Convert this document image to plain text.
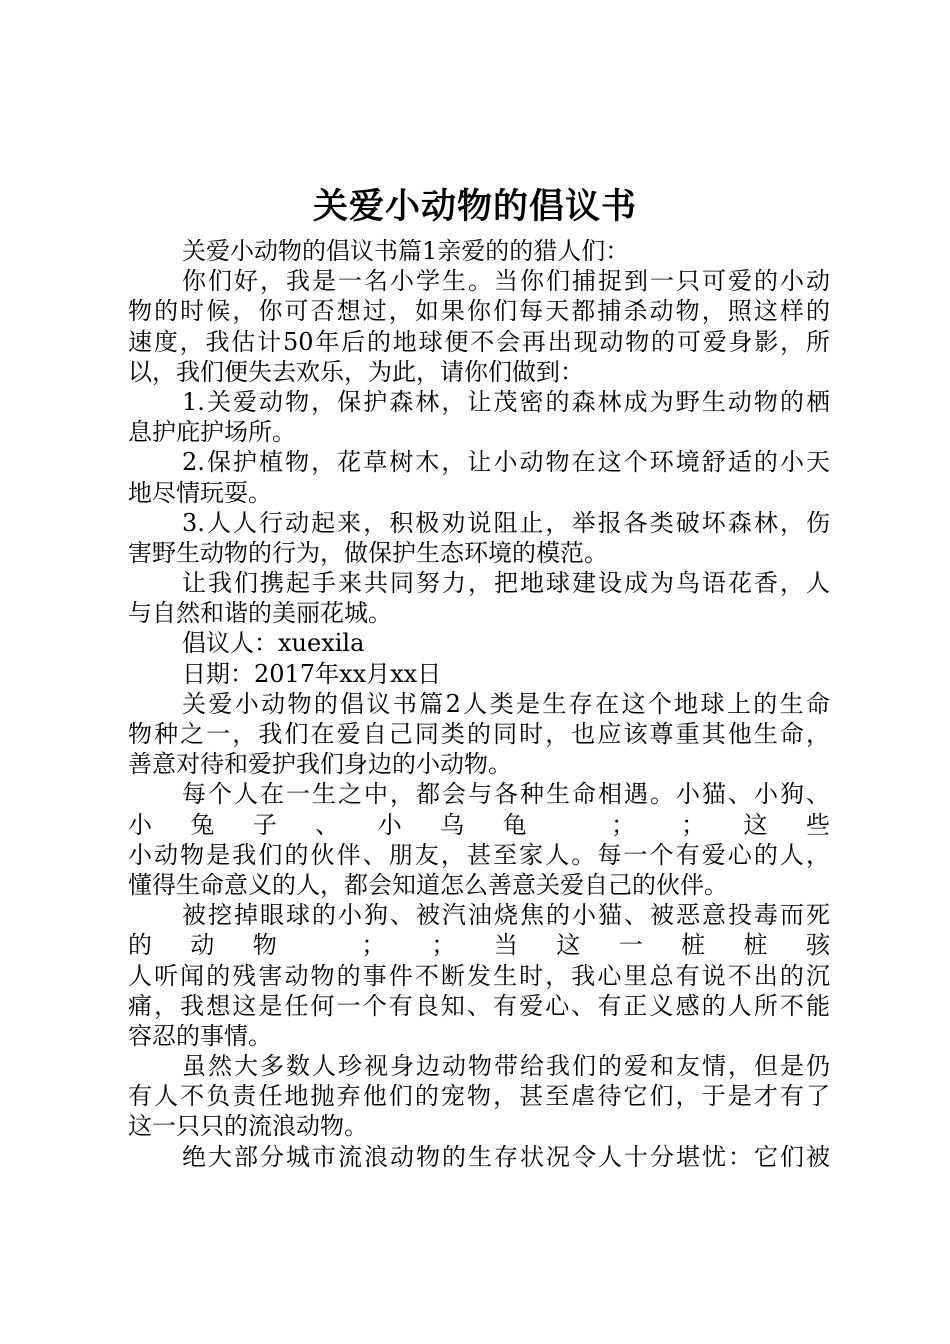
关爱小动物的倡议书
关爱小动物的倡议书篇1亲爱的的猎人们：
你们好，我是一名小学生。当你们捕捉到一只可爱的小动
物的时候，你可否想过，如果你们每天都捕杀动物，照这样的
速度，我估计50年后的地球便不会再出现动物的可爱身影，所
以，我们便失去欢乐，为此，请你们做到：
1.关爱动物，保护森林，让茂密的森林成为野生动物的栖
息护庇护场所。
2.保护植物，花草树木，让小动物在这个环境舒适的小天
地尽情玩耍。
3.人人行动起来，积极劝说阻止，举报各类破坏森林，伤
害野生动物的行为，做保护生态环境的模范。
让我们携起手来共同努力，把地球建设成为鸟语花香，人
与自然和谐的美丽花城。
倡议人：xuexila
日期：2017年xx月xx日
关爱小动物的倡议书篇2人类是生存在这个地球上的生命
物种之一，我们在爱自己同类的同时，也应该尊重其他生命，
善意对待和爱护我们身边的小动物。
每个人在一生之中，都会与各种生命相遇。小猫、小狗、
小兔子、小乌龟 ； ；这些
小动物是我们的伙伴、朋友，甚至家人。每一个有爱心的人，
懂得生命意义的人，都会知道怎么善意关爱自己的伙伴。
被挖掉眼球的小狗、被汽油烧焦的小猫、被恶意投毒而死
的动物 ； ；当这一桩桩骇
人听闻的残害动物的事件不断发生时，我心里总有说不出的沉
痛，我想这是任何一个有良知、有爱心、有正义感的人所不能
容忍的事情。
虽然大多数人珍视身边动物带给我们的爱和友情，但是仍
有人不负责任地抛弃他们的宠物，甚至虐待它们，于是才有了
这一只只的流浪动物。
绝大部分城市流浪动物的生存状况令人十分堪忧：它们被
